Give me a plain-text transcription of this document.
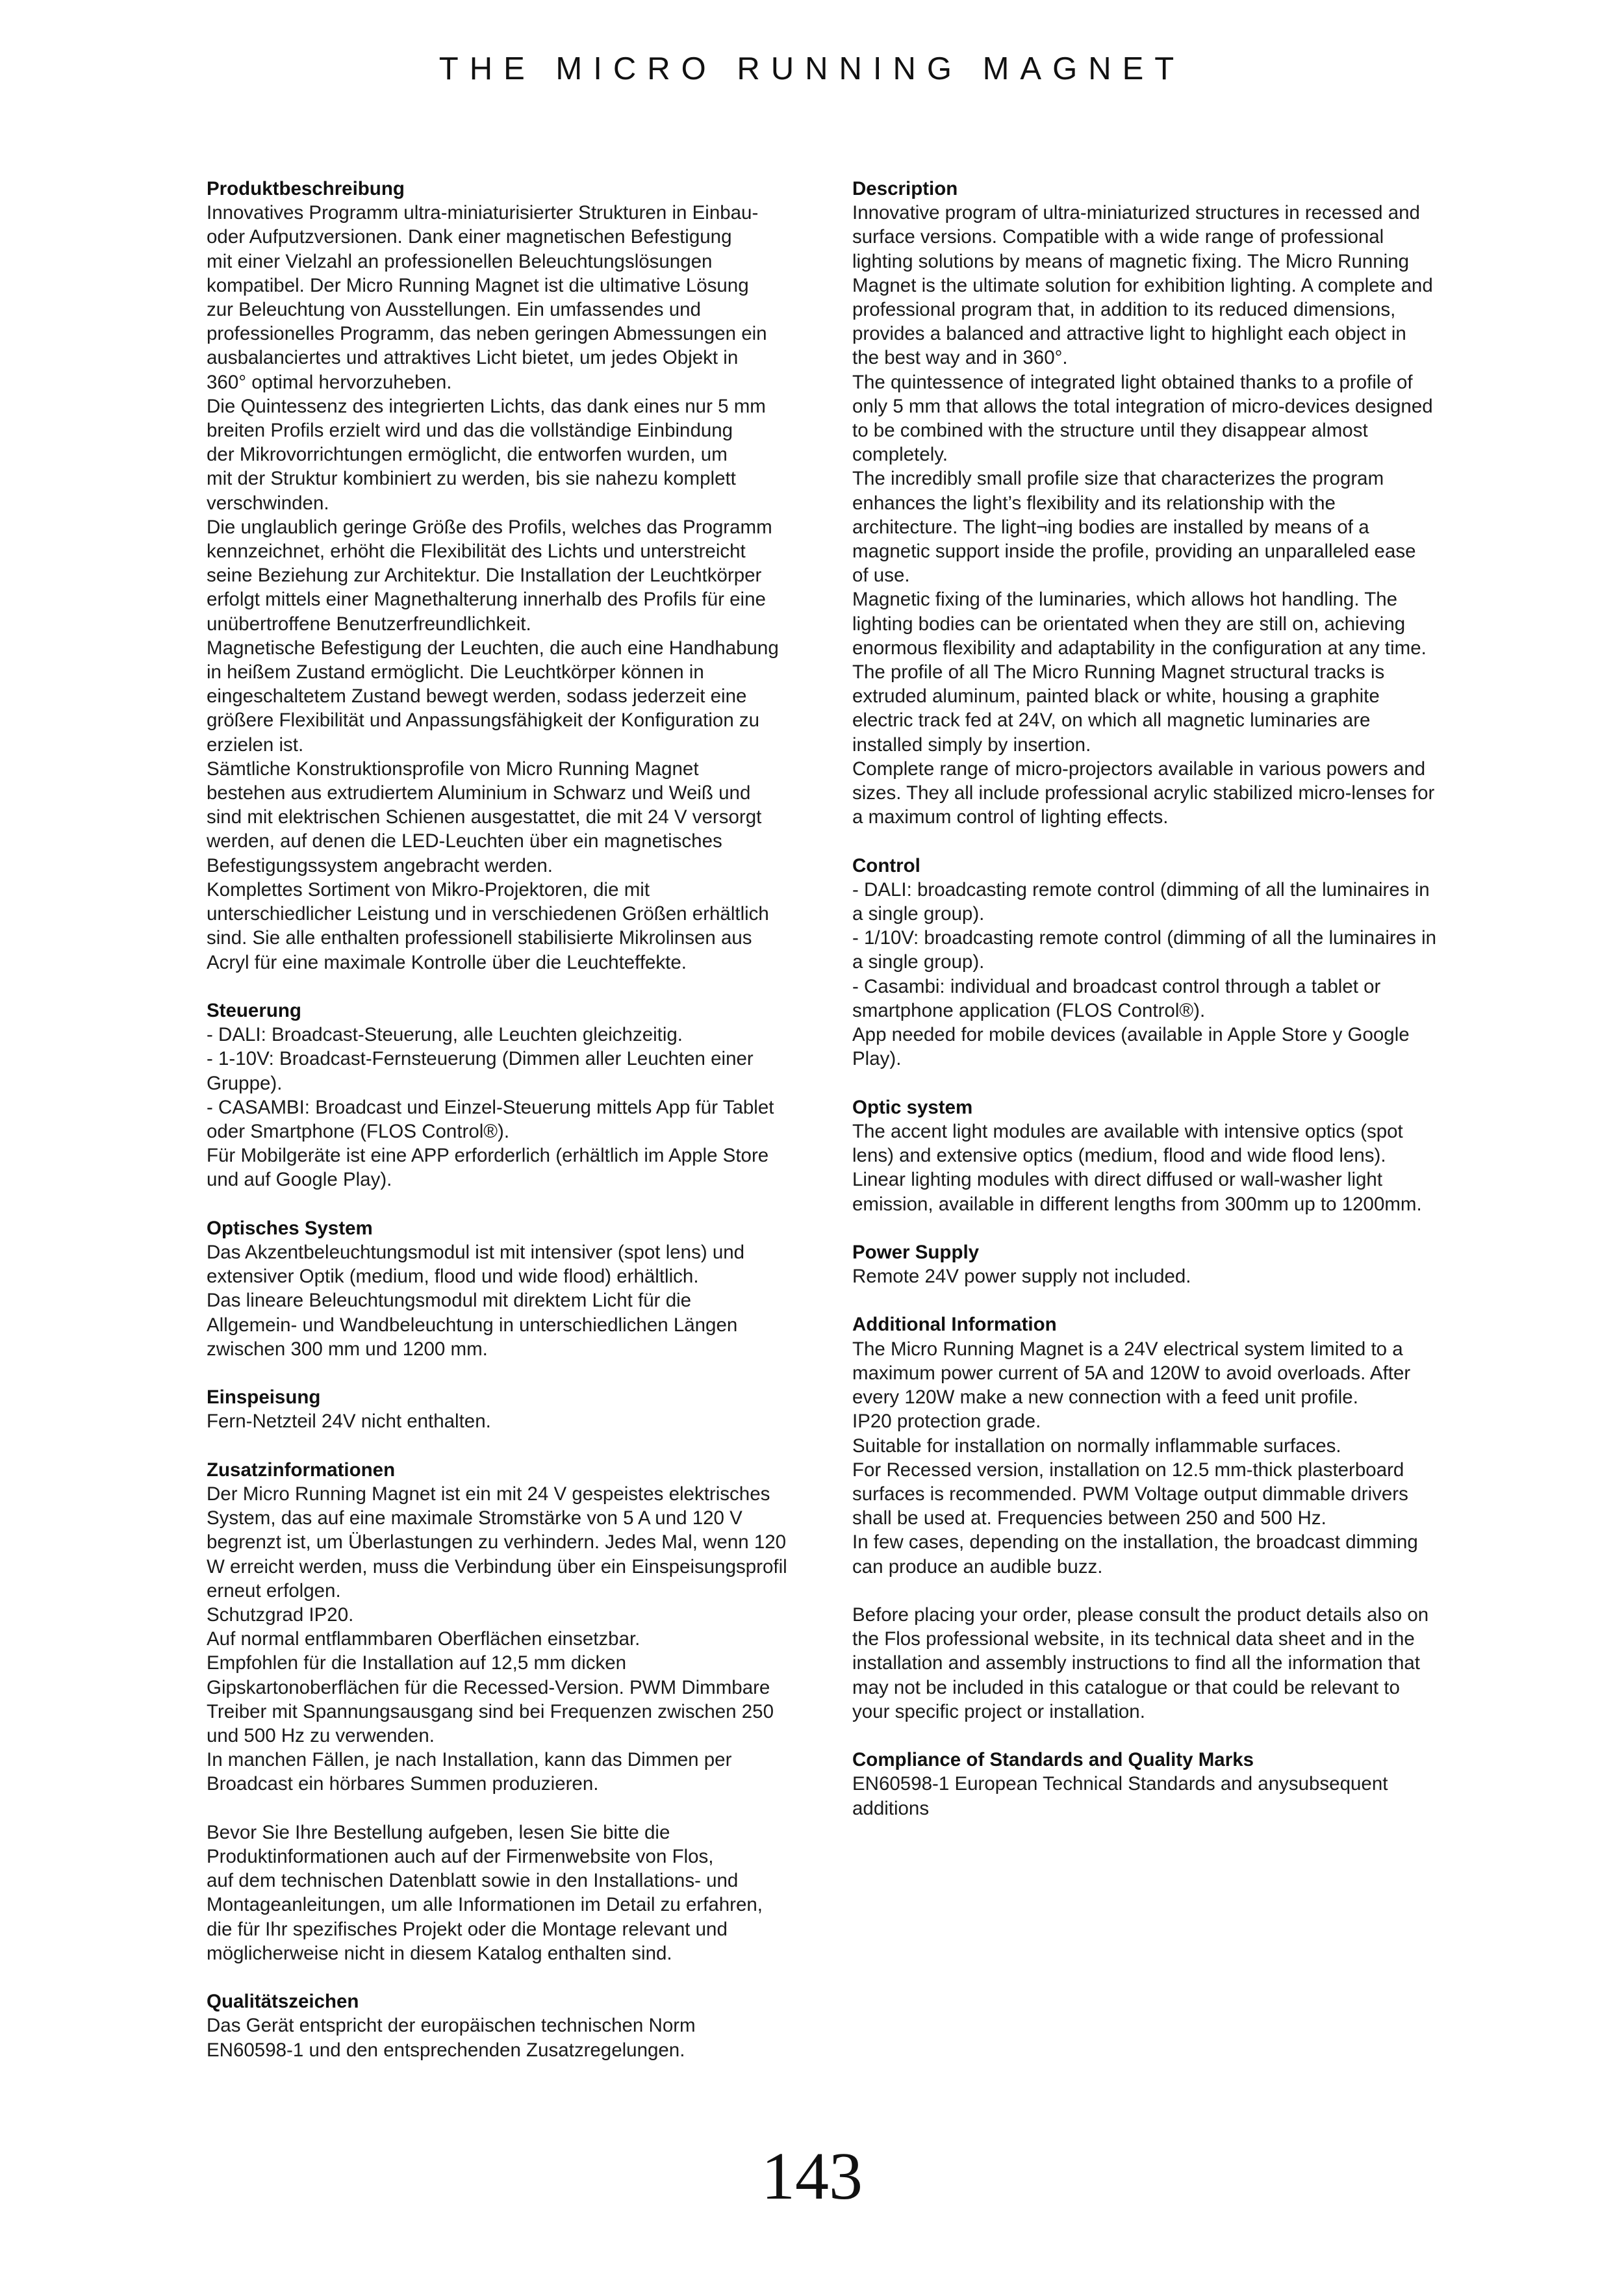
THE MICRO RUNNING MAGNET
Produktbeschreibung
Innovatives Programm ultra-miniaturisierter Strukturen in Einbau-
oder Aufputzversionen. Dank einer magnetischen Befestigung
mit einer Vielzahl an professionellen Beleuchtungslösungen
kompatibel. Der Micro Running Magnet ist die ultimative Lösung
zur Beleuchtung von Ausstellungen. Ein umfassendes und
professionelles Programm, das neben geringen Abmessungen ein
ausbalanciertes und attraktives Licht bietet, um jedes Objekt in
360° optimal hervorzuheben.
Die Quintessenz des integrierten Lichts, das dank eines nur 5 mm
breiten Profils erzielt wird und das die vollständige Einbindung
der Mikrovorrichtungen ermöglicht, die entworfen wurden, um
mit der Struktur kombiniert zu werden, bis sie nahezu komplett
verschwinden.
Die unglaublich geringe Größe des Profils, welches das Programm
kennzeichnet, erhöht die Flexibilität des Lichts und unterstreicht
seine Beziehung zur Architektur. Die Installation der Leuchtkörper
erfolgt mittels einer Magnethalterung innerhalb des Profils für eine
unübertroffene Benutzerfreundlichkeit.
Magnetische Befestigung der Leuchten, die auch eine Handhabung
in heißem Zustand ermöglicht. Die Leuchtkörper können in
eingeschaltetem Zustand bewegt werden, sodass jederzeit eine
größere Flexibilität und Anpassungsfähigkeit der Konfiguration zu
erzielen ist.
Sämtliche Konstruktionsprofile von Micro Running Magnet
bestehen aus extrudiertem Aluminium in Schwarz und Weiß und
sind mit elektrischen Schienen ausgestattet, die mit 24 V versorgt
werden, auf denen die LED-Leuchten über ein magnetisches
Befestigungssystem angebracht werden.
Komplettes Sortiment von Mikro-Projektoren, die mit
unterschiedlicher Leistung und in verschiedenen Größen erhältlich
sind. Sie alle enthalten professionell stabilisierte Mikrolinsen aus
Acryl für eine maximale Kontrolle über die Leuchteffekte.
Steuerung
- DALI: Broadcast-Steuerung, alle Leuchten gleichzeitig.
- 1-10V: Broadcast-Fernsteuerung (Dimmen aller Leuchten einer
Gruppe).
- CASAMBI: Broadcast und Einzel-Steuerung mittels App für Tablet
oder Smartphone (FLOS Control®).
Für Mobilgeräte ist eine APP erforderlich (erhältlich im Apple Store
und auf Google Play).
Optisches System
Das Akzentbeleuchtungsmodul ist mit intensiver (spot lens) und
extensiver Optik (medium, flood und wide flood) erhältlich.
Das lineare Beleuchtungsmodul mit direktem Licht für die
Allgemein- und Wandbeleuchtung in unterschiedlichen Längen
zwischen 300 mm und 1200 mm.
Einspeisung
Fern-Netzteil 24V nicht enthalten.
Zusatzinformationen
Der Micro Running Magnet ist ein mit 24 V gespeistes elektrisches
System, das auf eine maximale Stromstärke von 5 A und 120 V
begrenzt ist, um Überlastungen zu verhindern. Jedes Mal, wenn 120
W erreicht werden, muss die Verbindung über ein Einspeisungsprofil
erneut erfolgen.
Schutzgrad IP20.
Auf normal entflammbaren Oberflächen einsetzbar.
Empfohlen für die Installation auf 12,5 mm dicken
Gipskartonoberflächen für die Recessed-Version. PWM Dimmbare
Treiber mit Spannungsausgang sind bei Frequenzen zwischen 250
und 500 Hz zu verwenden.
In manchen Fällen, je nach Installation, kann das Dimmen per
Broadcast ein hörbares Summen produzieren.
Bevor Sie Ihre Bestellung aufgeben, lesen Sie bitte die
Produktinformationen auch auf der Firmenwebsite von Flos,
auf dem technischen Datenblatt sowie in den Installations- und
Montageanleitungen, um alle Informationen im Detail zu erfahren,
die für Ihr spezifisches Projekt oder die Montage relevant und
möglicherweise nicht in diesem Katalog enthalten sind.
Qualitätszeichen
Das Gerät entspricht der europäischen technischen Norm
EN60598-1 und den entsprechenden Zusatzregelungen.
Description
Innovative program of ultra-miniaturized structures in recessed and
surface versions. Compatible with a wide range of professional
lighting solutions by means of magnetic fixing. The Micro Running
Magnet is the ultimate solution for exhibition lighting. A complete and
professional program that, in addition to its reduced dimensions,
provides a balanced and attractive light to highlight each object in
the best way and in 360°.
The quintessence of integrated light obtained thanks to a profile of
only 5 mm that allows the total integration of micro-devices designed
to be combined with the structure until they disappear almost
completely.
The incredibly small profile size that characterizes the program
enhances the light’s flexibility and its relationship with the
architecture. The light¬ing bodies are installed by means of a
magnetic support inside the profile, providing an unparalleled ease
of use.
Magnetic fixing of the luminaries, which allows hot handling. The
lighting bodies can be orientated when they are still on, achieving
enormous flexibility and adaptability in the configuration at any time.
The profile of all The Micro Running Magnet structural tracks is
extruded aluminum, painted black or white, housing a graphite
electric track fed at 24V, on which all magnetic luminaries are
installed simply by insertion.
Complete range of micro-projectors available in various powers and
sizes. They all include professional acrylic stabilized micro-lenses for
a maximum control of lighting effects.
Control
- DALI: broadcasting remote control (dimming of all the luminaires in
a single group).
- 1/10V: broadcasting remote control (dimming of all the luminaires in
a single group).
- Casambi: individual and broadcast control through a tablet or
smartphone application (FLOS Control®).
App needed for mobile devices (available in Apple Store y Google
Play).
Optic system
The accent light modules are available with intensive optics (spot
lens) and extensive optics (medium, flood and wide flood lens).
Linear lighting modules with direct diffused or wall-washer light
emission, available in different lengths from 300mm up to 1200mm.
Power Supply
Remote 24V power supply not included.
Additional Information
The Micro Running Magnet is a 24V electrical system limited to a
maximum power current of 5A and 120W to avoid overloads. After
every 120W make a new connection with a feed unit profile.
IP20 protection grade.
Suitable for installation on normally inflammable surfaces.
For Recessed version, installation on 12.5 mm-thick plasterboard
surfaces is recommended. PWM Voltage output dimmable drivers
shall be used at. Frequencies between 250 and 500 Hz.
In few cases, depending on the installation, the broadcast dimming
can produce an audible buzz.
Before placing your order, please consult the product details also on
the Flos professional website, in its technical data sheet and in the
installation and assembly instructions to find all the information that
may not be included in this catalogue or that could be relevant to
your specific project or installation.
Compliance of Standards and Quality Marks
EN60598-1 European Technical Standards and anysubsequent
additions
143
